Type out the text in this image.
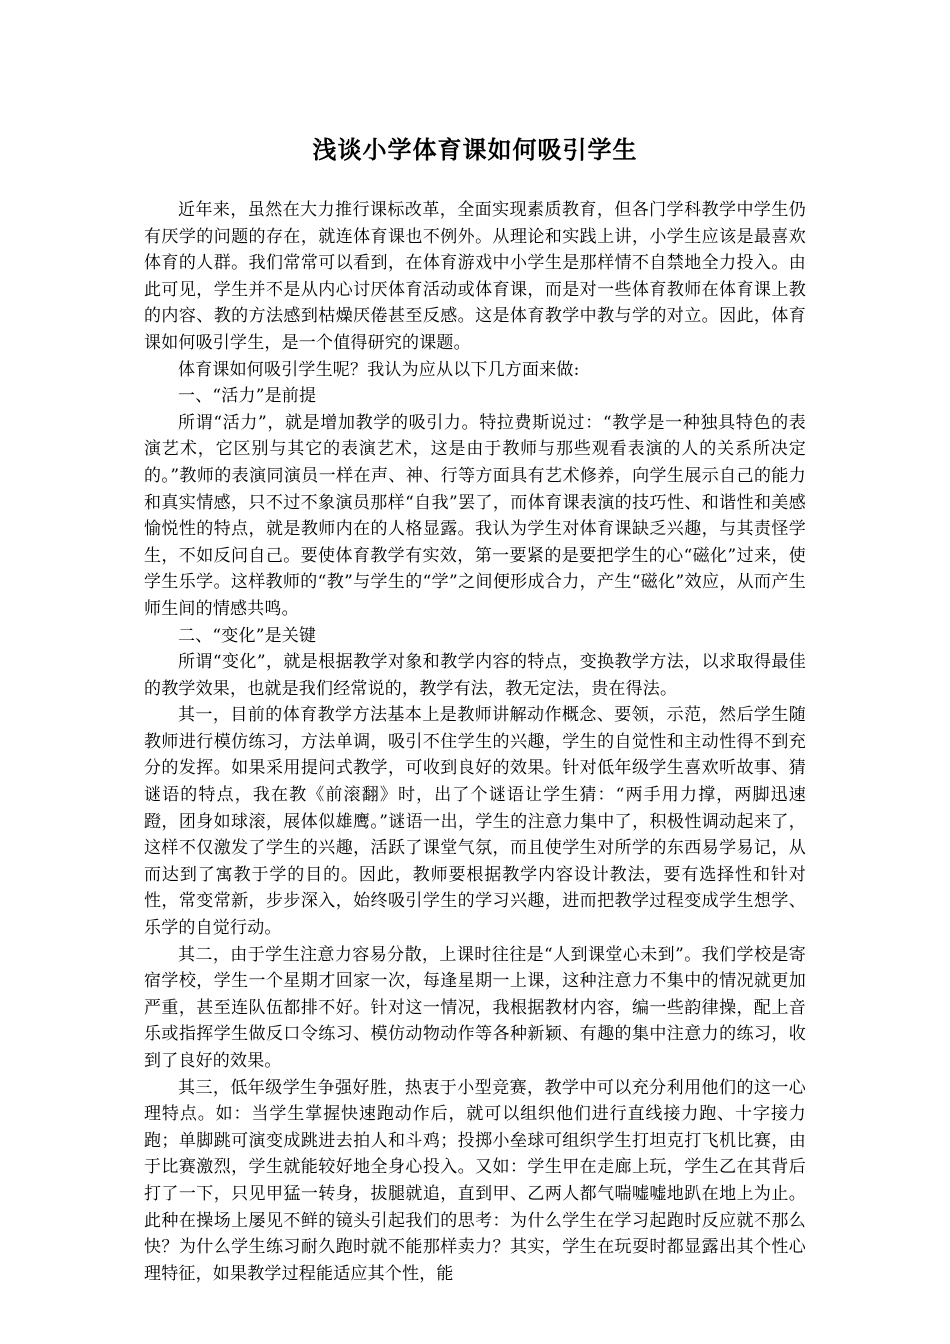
浅谈小学体育课如何吸引学生

近年来，虽然在大力推行课标改革，全面实现素质教育，但各门学科教学中学生仍有厌学的问题的存在，就连体育课也不例外。从理论和实践上讲，小学生应该是最喜欢体育的人群。我们常常可以看到，在体育游戏中小学生是那样情不自禁地全力投入。由此可见，学生并不是从内心讨厌体育活动或体育课，而是对一些体育教师在体育课上教的内容、教的方法感到枯燥厌倦甚至反感。这是体育教学中教与学的对立。因此，体育课如何吸引学生，是一个值得研究的课题。

体育课如何吸引学生呢？我认为应从以下几方面来做:

一、“活力”是前提

所谓“活力”，就是增加教学的吸引力。特拉费斯说过：“教学是一种独具特色的表演艺术，它区别与其它的表演艺术，这是由于教师与那些观看表演的人的关系所决定的。”教师的表演同演员一样在声、神、行等方面具有艺术修养，向学生展示自己的能力和真实情感，只不过不象演员那样“自我”罢了，而体育课表演的技巧性、和谐性和美感愉悦性的特点，就是教师内在的人格显露。我认为学生对体育课缺乏兴趣，与其责怪学生，不如反问自己。要使体育教学有实效，第一要紧的是要把学生的心“磁化”过来，使学生乐学。这样教师的“教”与学生的“学”之间便形成合力，产生“磁化”效应，从而产生师生间的情感共鸣。

二、“变化”是关键

所谓“变化”，就是根据教学对象和教学内容的特点，变换教学方法，以求取得最佳的教学效果，也就是我们经常说的，教学有法，教无定法，贵在得法。

其一，目前的体育教学方法基本上是教师讲解动作概念、要领，示范，然后学生随教师进行模仿练习，方法单调，吸引不住学生的兴趣，学生的自觉性和主动性得不到充分的发挥。如果采用提问式教学，可收到良好的效果。针对低年级学生喜欢听故事、猜谜语的特点，我在教《前滚翻》时，出了个谜语让学生猜：“两手用力撑，两脚迅速蹬，团身如球滚，展体似雄鹰。”谜语一出，学生的注意力集中了，积极性调动起来了，这样不仅激发了学生的兴趣，活跃了课堂气氛，而且使学生对所学的东西易学易记，从而达到了寓教于学的目的。因此，教师要根据教学内容设计教法，要有选择性和针对性，常变常新，步步深入，始终吸引学生的学习兴趣，进而把教学过程变成学生想学、乐学的自觉行动。

其二，由于学生注意力容易分散，上课时往往是“人到课堂心未到”。我们学校是寄宿学校，学生一个星期才回家一次，每逢星期一上课，这种注意力不集中的情况就更加严重，甚至连队伍都排不好。针对这一情况，我根据教材内容，编一些韵律操，配上音乐或指挥学生做反口令练习、模仿动物动作等各种新颖、有趣的集中注意力的练习，收到了良好的效果。

其三，低年级学生争强好胜，热衷于小型竞赛，教学中可以充分利用他们的这一心理特点。如：当学生掌握快速跑动作后，就可以组织他们进行直线接力跑、十字接力跑；单脚跳可演变成跳进去拍人和斗鸡；投掷小垒球可组织学生打坦克打飞机比赛，由于比赛激烈，学生就能较好地全身心投入。又如：学生甲在走廊上玩，学生乙在其背后打了一下，只见甲猛一转身，拔腿就追，直到甲、乙两人都气喘嘘嘘地趴在地上为止。此种在操场上屡见不鲜的镜头引起我们的思考：为什么学生在学习起跑时反应就不那么快？为什么学生练习耐久跑时就不能那样卖力？其实，学生在玩耍时都显露出其个性心理特征，如果教学过程能适应其个性，能
